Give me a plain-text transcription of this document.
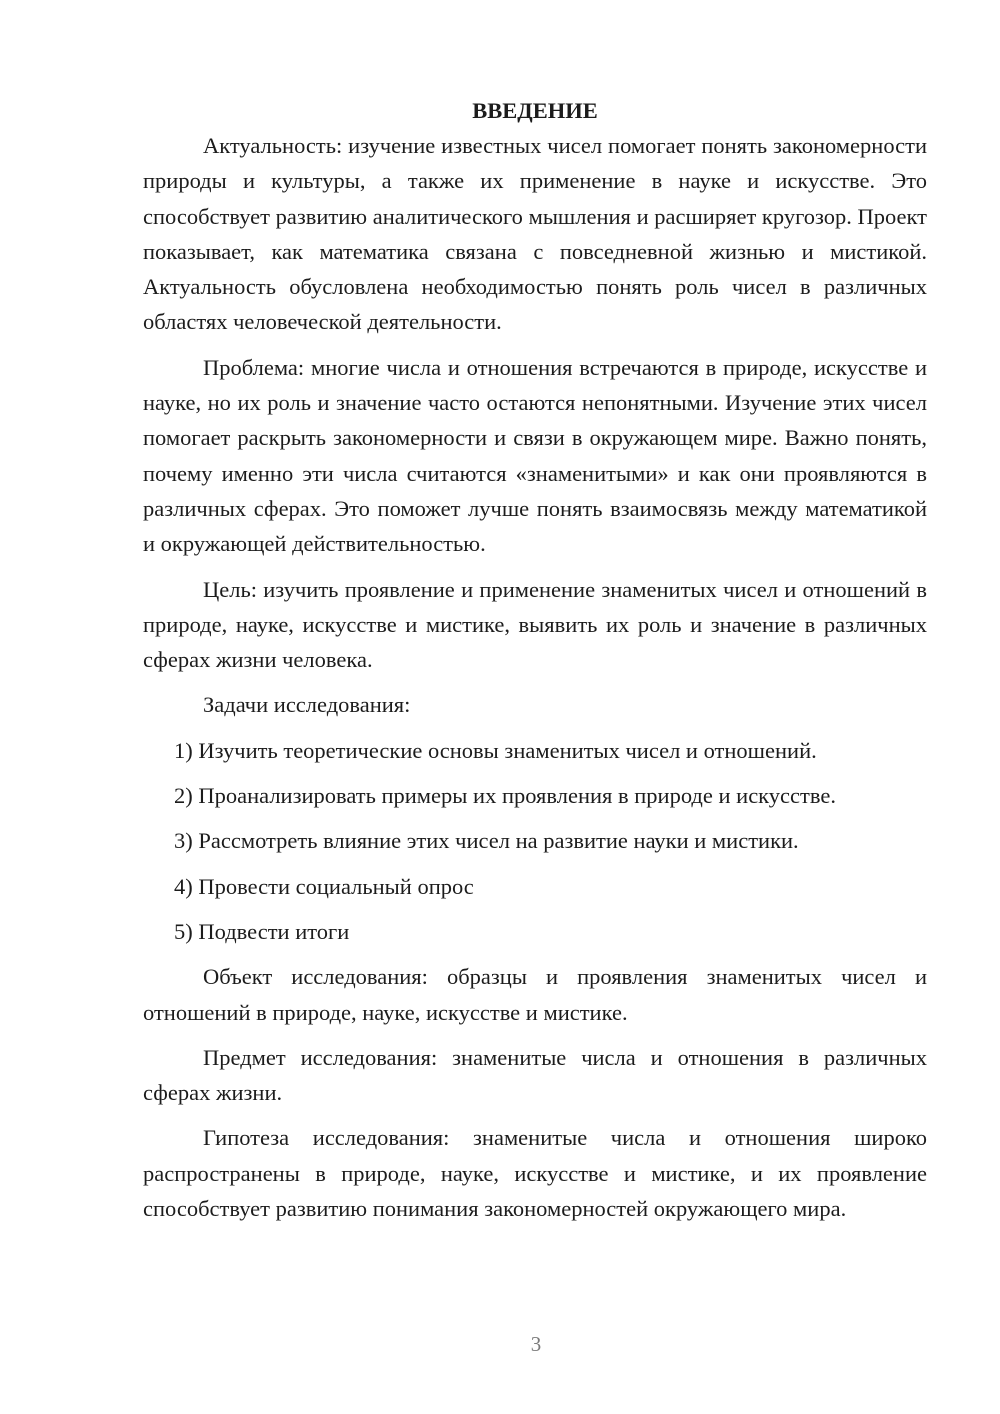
ВВЕДЕНИЕ

Актуальность: изучение известных чисел помогает понять закономерности природы и культуры, а также их применение в науке и искусстве. Это способствует развитию аналитического мышления и расширяет кругозор. Проект показывает, как математика связана с повседневной жизнью и мистикой. Актуальность обусловлена необходимостью понять роль чисел в различных областях человеческой деятельности.

Проблема: многие числа и отношения встречаются в природе, искусстве и науке, но их роль и значение часто остаются непонятными. Изучение этих чисел помогает раскрыть закономерности и связи в окружающем мире. Важно понять, почему именно эти числа считаются «знаменитыми» и как они проявляются в различных сферах. Это поможет лучше понять взаимосвязь между математикой и окружающей действительностью.

Цель: изучить проявление и применение знаменитых чисел и отношений в природе, науке, искусстве и мистике, выявить их роль и значение в различных сферах жизни человека.

Задачи исследования:

1) Изучить теоретические основы знаменитых чисел и отношений.
2) Проанализировать примеры их проявления в природе и искусстве.
3) Рассмотреть влияние этих чисел на развитие науки и мистики.
4) Провести социальный опрос
5) Подвести итоги

Объект исследования: образцы и проявления знаменитых чисел и отношений в природе, науке, искусстве и мистике.

Предмет исследования: знаменитые числа и отношения в различных сферах жизни.

Гипотеза исследования: знаменитые числа и отношения широко распространены в природе, науке, искусстве и мистике, и их проявление способствует развитию понимания закономерностей окружающего мира.

3
